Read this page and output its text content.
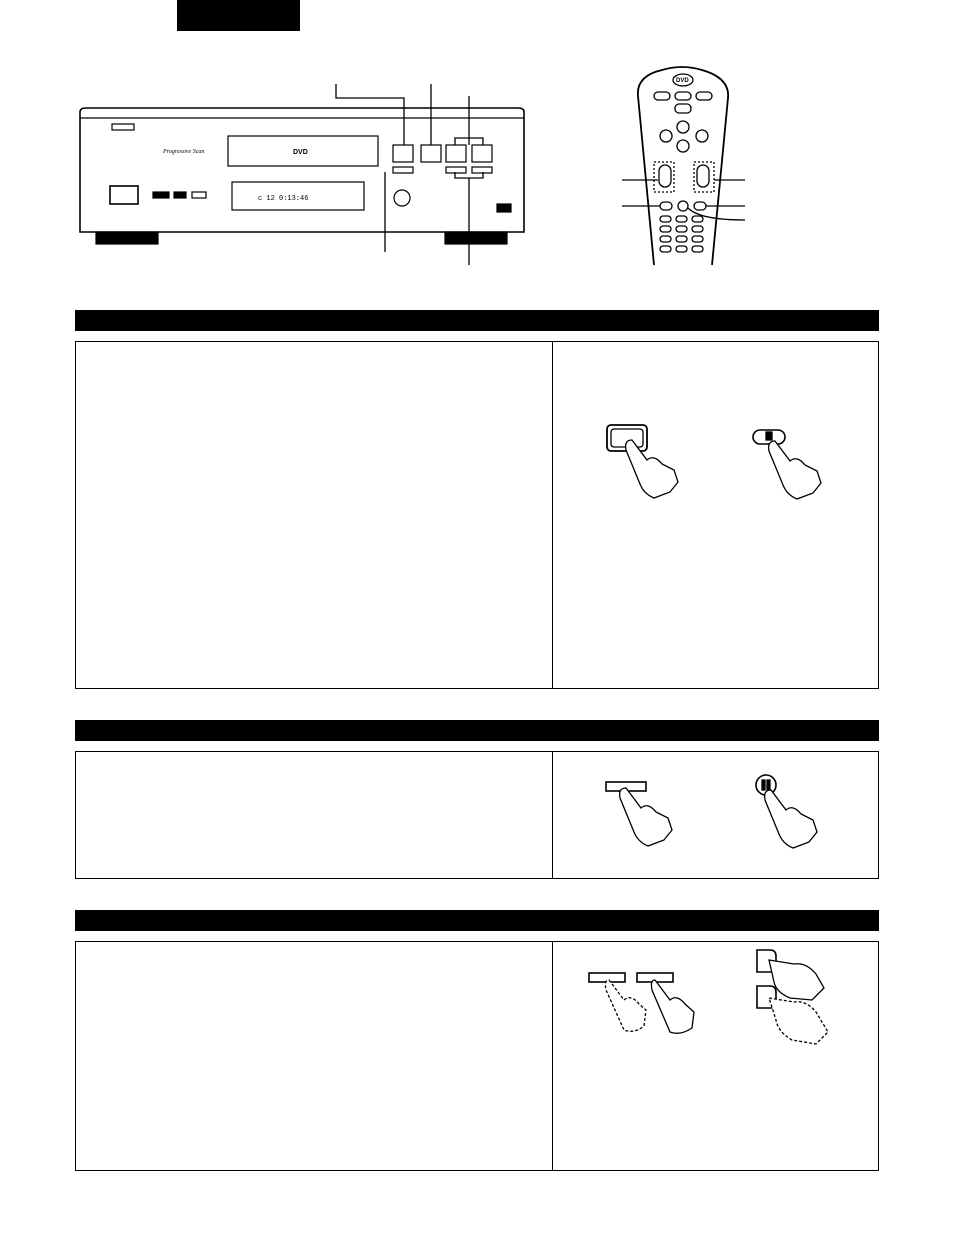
DVD
Progressive Scan
c 12 0:13:46
DVD
